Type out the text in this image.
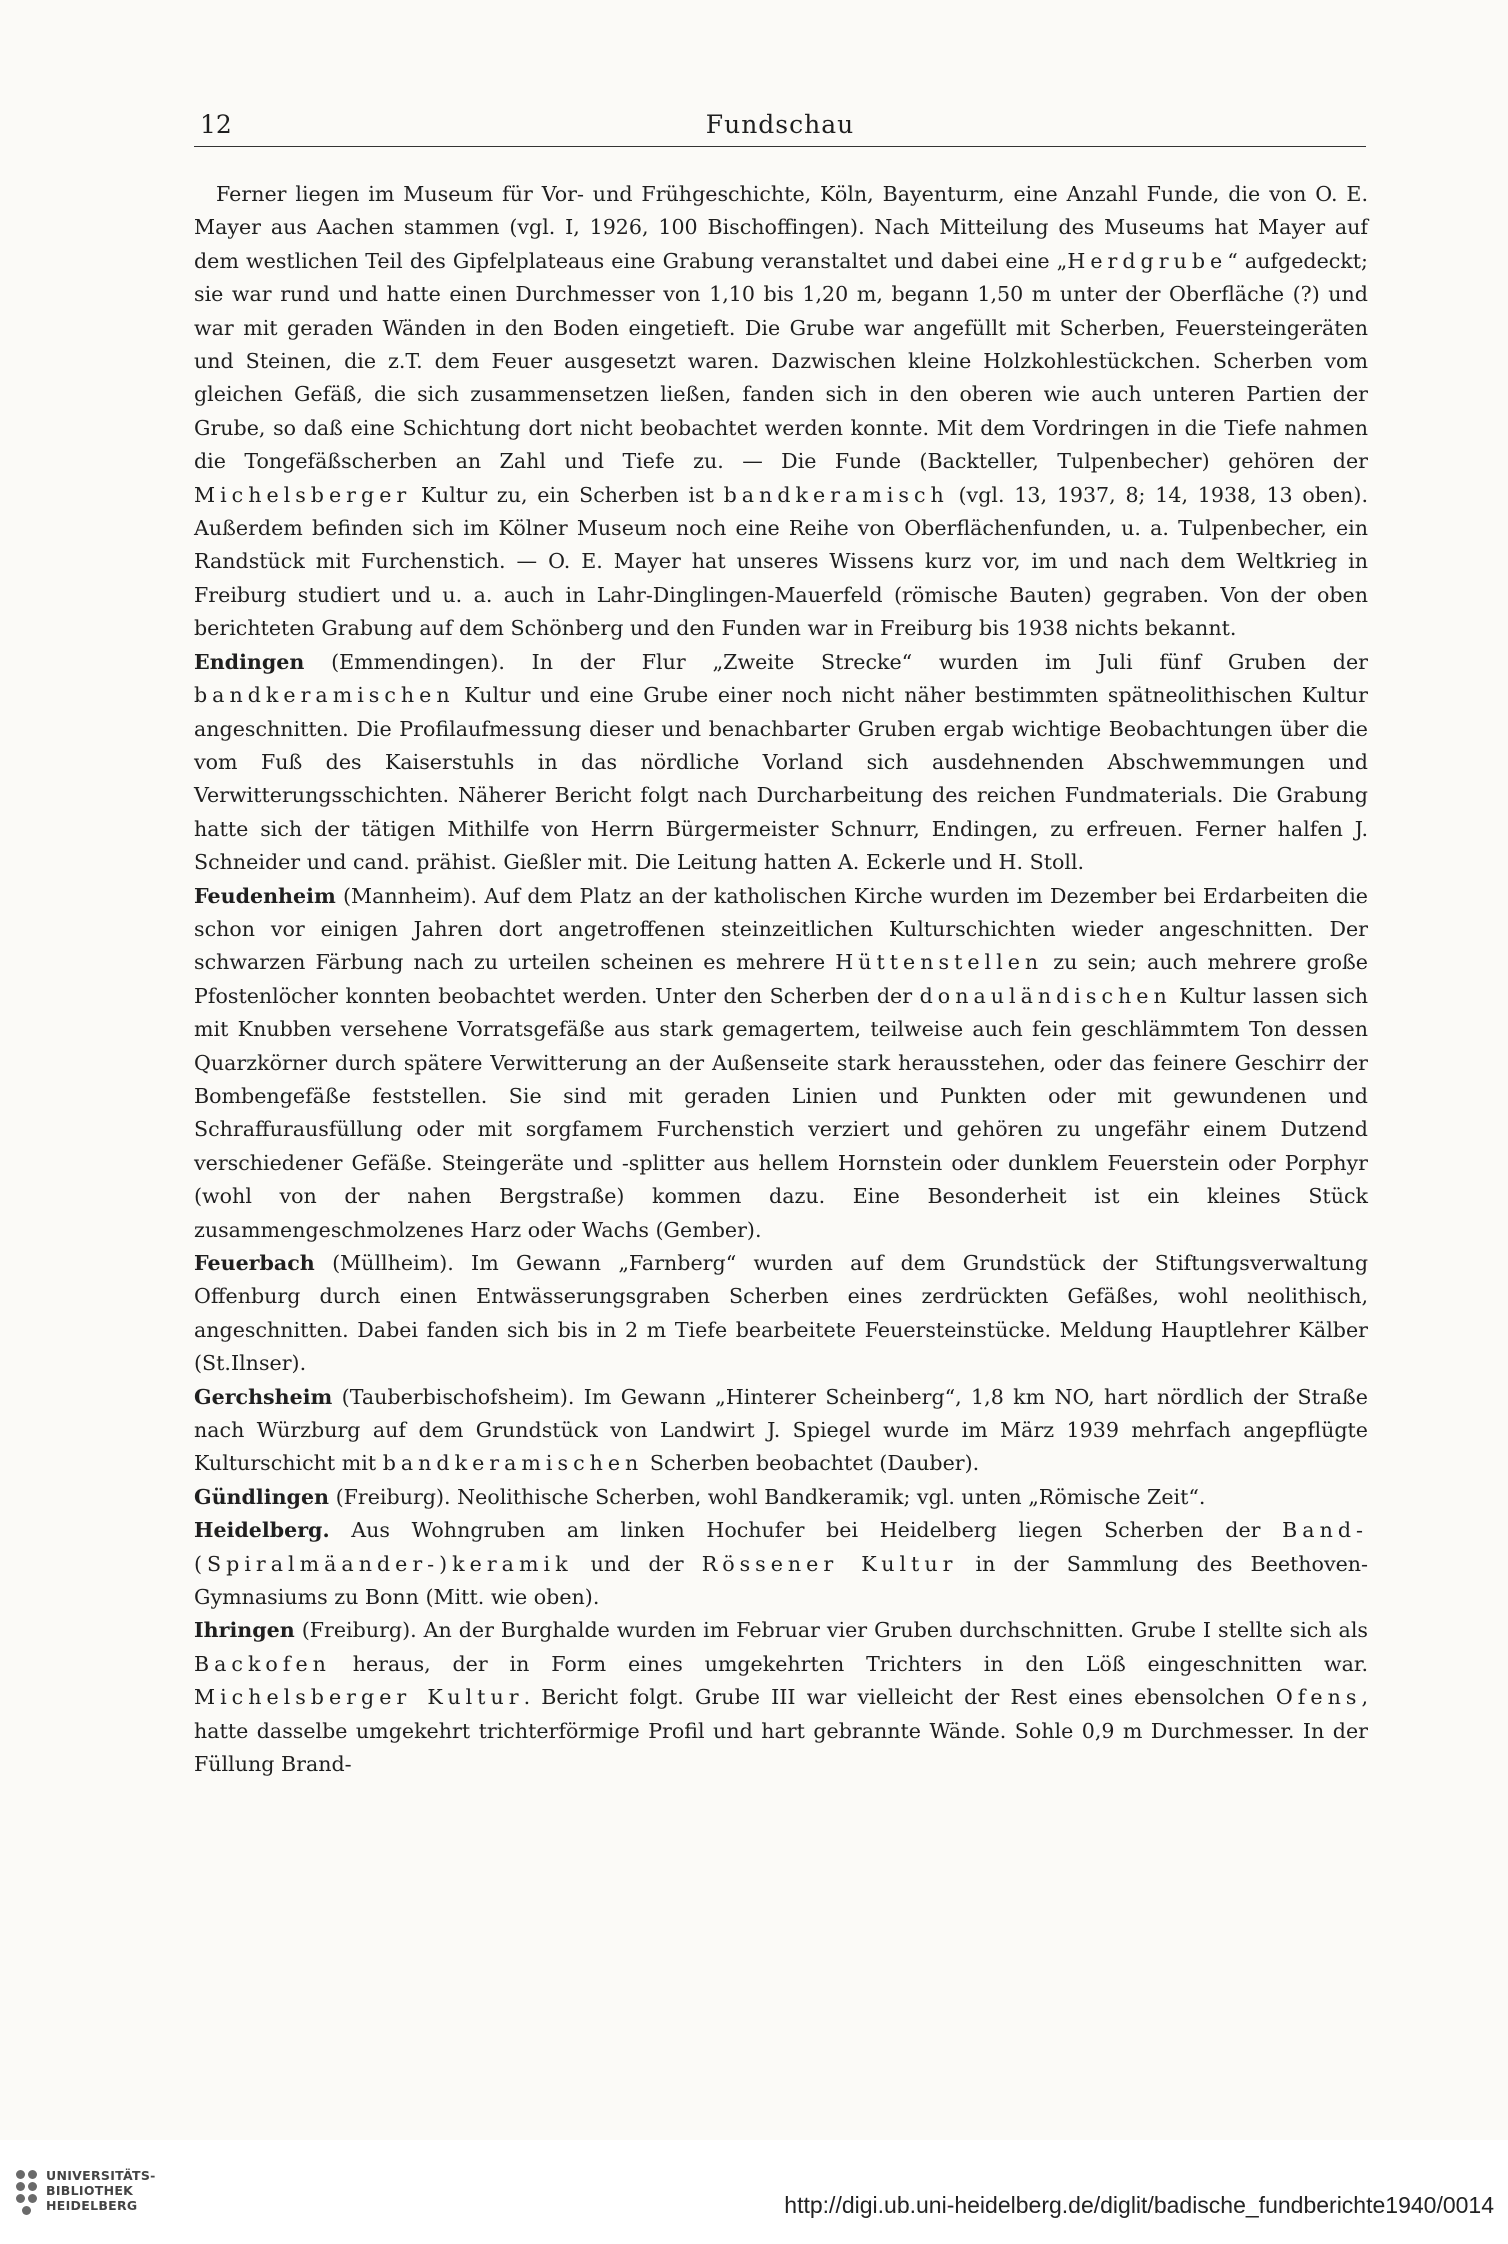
12	Fundschau

Ferner liegen im Museum für Vor- und Frühgeschichte, Köln, Bayenturm, eine Anzahl Funde, die von O. E. Mayer aus Aachen stammen (vgl. I, 1926, 100 Bischoffingen). Nach Mitteilung des Museums hat Mayer auf dem westlichen Teil des Gipfelplateaus eine Grabung veranstaltet und dabei eine „Herdgrube“ aufgedeckt; sie war rund und hatte einen Durchmesser von 1,10 bis 1,20 m, begann 1,50 m unter der Oberfläche (?) und war mit geraden Wänden in den Boden eingetieft. Die Grube war angefüllt mit Scherben, Feuersteingeräten und Steinen, die z.T. dem Feuer ausgesetzt waren. Dazwischen kleine Holzkohlestückchen. Scherben vom gleichen Gefäß, die sich zusammensetzen ließen, fanden sich in den oberen wie auch unteren Partien der Grube, so daß eine Schichtung dort nicht beobachtet werden konnte. Mit dem Vordringen in die Tiefe nahmen die Tongefäßscherben an Zahl und Tiefe zu. — Die Funde (Backteller, Tulpenbecher) gehören der Michelsberger Kultur zu, ein Scherben ist bandkeramisch (vgl. 13, 1937, 8; 14, 1938, 13 oben). Außerdem befinden sich im Kölner Museum noch eine Reihe von Oberflächenfunden, u. a. Tulpenbecher, ein Randstück mit Furchenstich. — O. E. Mayer hat unseres Wissens kurz vor, im und nach dem Weltkrieg in Freiburg studiert und u. a. auch in Lahr-Dinglingen-Mauerfeld (römische Bauten) gegraben. Von der oben berichteten Grabung auf dem Schönberg und den Funden war in Freiburg bis 1938 nichts bekannt.

Endingen (Emmendingen). In der Flur „Zweite Strecke“ wurden im Juli fünf Gruben der bandkeramischen Kultur und eine Grube einer noch nicht näher bestimmten spätneolithischen Kultur angeschnitten. Die Profilaufmessung dieser und benachbarter Gruben ergab wichtige Beobachtungen über die vom Fuß des Kaiserstuhls in das nördliche Vorland sich ausdehnenden Abschwemmungen und Verwitterungsschichten. Näherer Bericht folgt nach Durcharbeitung des reichen Fundmaterials. Die Grabung hatte sich der tätigen Mithilfe von Herrn Bürgermeister Schnurr, Endingen, zu erfreuen. Ferner halfen J. Schneider und cand. prähist. Gießler mit. Die Leitung hatten A. Eckerle und H. Stoll.

Feudenheim (Mannheim). Auf dem Platz an der katholischen Kirche wurden im Dezember bei Erdarbeiten die schon vor einigen Jahren dort angetroffenen steinzeitlichen Kulturschichten wieder angeschnitten. Der schwarzen Färbung nach zu urteilen scheinen es mehrere Hüttenstellen zu sein; auch mehrere große Pfostenlöcher konnten beobachtet werden. Unter den Scherben der donauländischen Kultur lassen sich mit Knubben versehene Vorratsgefäße aus stark gemagertem, teilweise auch fein geschlämmtem Ton dessen Quarzkörner durch spätere Verwitterung an der Außenseite stark herausstehen, oder das feinere Geschirr der Bombengefäße feststellen. Sie sind mit geraden Linien und Punkten oder mit gewundenen und Schraffurausfüllung oder mit sorgfamem Furchenstich verziert und gehören zu ungefähr einem Dutzend verschiedener Gefäße. Steingeräte und -splitter aus hellem Hornstein oder dunklem Feuerstein oder Porphyr (wohl von der nahen Bergstraße) kommen dazu. Eine Besonderheit ist ein kleines Stück zusammengeschmolzenes Harz oder Wachs (Gember).

Feuerbach (Müllheim). Im Gewann „Farnberg“ wurden auf dem Grundstück der Stiftungsverwaltung Offenburg durch einen Entwässerungsgraben Scherben eines zerdrückten Gefäßes, wohl neolithisch, angeschnitten. Dabei fanden sich bis in 2 m Tiefe bearbeitete Feuersteinstücke. Meldung Hauptlehrer Kälber (St.Ilnser).

Gerchsheim (Tauberbischofsheim). Im Gewann „Hinterer Scheinberg“, 1,8 km NO, hart nördlich der Straße nach Würzburg auf dem Grundstück von Landwirt J. Spiegel wurde im März 1939 mehrfach angepflügte Kulturschicht mit bandkeramischen Scherben beobachtet (Dauber).

Gündlingen (Freiburg). Neolithische Scherben, wohl Bandkeramik; vgl. unten „Römische Zeit“.

Heidelberg. Aus Wohngruben am linken Hochufer bei Heidelberg liegen Scherben der Band-(Spiralmäander-)keramik und der Rössener Kultur in der Sammlung des Beethoven-Gymnasiums zu Bonn (Mitt. wie oben).

Ihringen (Freiburg). An der Burghalde wurden im Februar vier Gruben durchschnitten. Grube I stellte sich als Backofen heraus, der in Form eines umgekehrten Trichters in den Löß eingeschnitten war. Michelsberger Kultur. Bericht folgt. Grube III war vielleicht der Rest eines ebensolchen Ofens, hatte dasselbe umgekehrt trichterförmige Profil und hart gebrannte Wände. Sohle 0,9 m Durchmesser. In der Füllung Brand-

UNIVERSITÄTS-
BIBLIOTHEK
HEIDELBERG	http://digi.ub.uni-heidelberg.de/diglit/badische_fundberichte1940/0014
